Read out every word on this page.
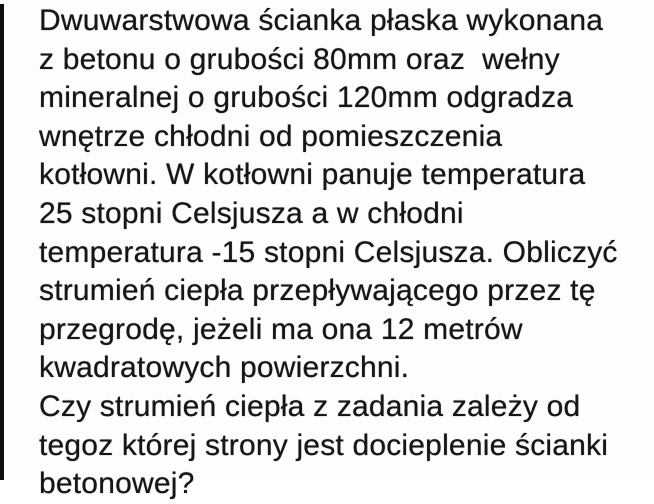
Dwuwarstwowa ścianka płaska wykonana
z betonu o grubości 80mm oraz  wełny
mineralnej o grubości 120mm odgradza
wnętrze chłodni od pomieszczenia
kotłowni. W kotłowni panuje temperatura
25 stopni Celsjusza a w chłodni
temperatura -15 stopni Celsjusza. Obliczyć
strumień ciepła przepływającego przez tę
przegrodę, jeżeli ma ona 12 metrów
kwadratowych powierzchni.
Czy strumień ciepła z zadania zależy od
tegoz której strony jest docieplenie ścianki
betonowej?
